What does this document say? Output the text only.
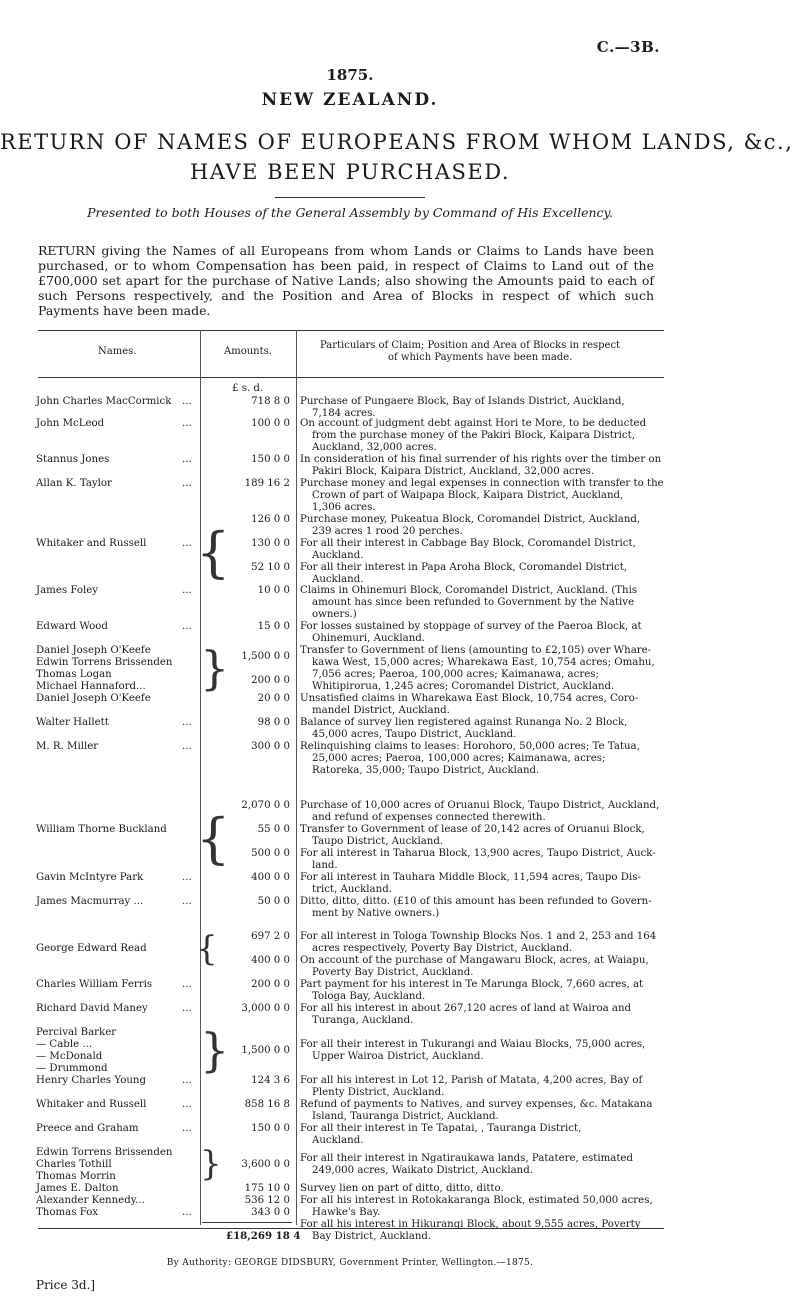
C.—3B.
1875.
NEW ZEALAND.
RETURN OF NAMES OF EUROPEANS FROM WHOM LANDS, &c.,
HAVE BEEN PURCHASED.
Presented to both Houses of the General Assembly by Command of His Excellency.
RETURN giving the Names of all Europeans from whom Lands or Claims to Lands have been purchased, or to whom Compensation has been paid, in respect of Claims to Land out of the £700,000 set apart for the purchase of Native Lands; also showing the Amounts paid to each of such Persons respectively, and the Position and Area of Blocks in respect of which such Payments have been made.
Names.	Amounts.
Particulars of Claim; Position and Area of Blocks in respect
of which Payments have been made.
£ s. d.
John Charles MacCormick
John McLeod
Stannus Jones
Allan K. Taylor
Whitaker and Russell
James Foley
Edward Wood
Daniel Joseph O'Keefe
Edwin Torrens Brissenden
Thomas Logan
Michael Hannaford...
Daniel Joseph O'Keefe
Walter Hallett
M. R. Miller
William Thorne Buckland
Gavin McIntyre Park
James Macmurray ...
George Edward Read
Charles William Ferris
Richard David Maney
Percival Barker
— Cable ...
— McDonald
— Drummond
Henry Charles Young
Whitaker and Russell
Preece and Graham
Edwin Torrens Brissenden
Charles Tothill
Thomas Morrin
James E. Dalton
Alexander Kennedy...
Thomas Fox
...
...
...
...
...
...
...
...
...
...
...
...
...
...
...
...
...
{
{
{
}
}
}
718 8 0
100 0 0
150 0 0
189 16 2
126 0 0
130 0 0
52 10 0
10 0 0
15 0 0
1,500 0 0
200 0 0
20 0 0
98 0 0
300 0 0
2,070 0 0
55 0 0
500 0 0
400 0 0
50 0 0
697 2 0
400 0 0
200 0 0
3,000 0 0
1,500 0 0
124 3 6
858 16 8
150 0 0
3,600 0 0
175 10 0
536 12 0
343 0 0
£18,269 18 4
Purchase of Pungaere Block, Bay of Islands District, Auckland,
7,184 acres.
On account of judgment debt against Hori te More, to be deducted
from the purchase money of the Pakiri Block, Kaipara District,
Auckland, 32,000 acres.
In consideration of his final surrender of his rights over the timber on
Pakiri Block, Kaipara District, Auckland, 32,000 acres.
Purchase money and legal expenses in connection with transfer to the
Crown of part of Waipapa Block, Kaipara District, Auckland,
1,306 acres.
Purchase money, Pukeatua Block, Coromandel District, Auckland,
239 acres 1 rood 20 perches.
For all their interest in Cabbage Bay Block, Coromandel District,
Auckland.
For all their interest in Papa Aroha Block, Coromandel District,
Auckland.
Claims in Ohinemuri Block, Coromandel District, Auckland. (This
amount has since been refunded to Government by the Native
owners.)
For losses sustained by stoppage of survey of the Paeroa Block, at
Ohinemuri, Auckland.
Transfer to Government of liens (amounting to £2,105) over Whare-
kawa West, 15,000 acres; Wharekawa East, 10,754 acres; Omahu,
7,056 acres; Paeroa, 100,000 acres; Kaimanawa, acres;
Whitipirorua, 1,245 acres; Coromandel District, Auckland.
Unsatisfied claims in Wharekawa East Block, 10,754 acres, Coro-
mandel District, Auckland.
Balance of survey lien registered against Runanga No. 2 Block,
45,000 acres, Taupo District, Auckland.
Relinquishing claims to leases: Horohoro, 50,000 acres; Te Tatua,
25,000 acres; Paeroa, 100,000 acres; Kaimanawa, acres;
Ratoreka, 35,000; Taupo District, Auckland.
Purchase of 10,000 acres of Oruanui Block, Taupo District, Auckland,
and refund of expenses connected therewith.
Transfer to Government of lease of 20,142 acres of Oruanui Block,
Taupo District, Auckland.
For all interest in Taharua Block, 13,900 acres, Taupo District, Auck-
land.
For all interest in Tauhara Middle Block, 11,594 acres, Taupo Dis-
trict, Auckland.
Ditto, ditto, ditto. (£10 of this amount has been refunded to Govern-
ment by Native owners.)
For all interest in Tologa Township Blocks Nos. 1 and 2, 253 and 164
acres respectively, Poverty Bay District, Auckland.
On account of the purchase of Mangawaru Block, acres, at Waiapu,
Poverty Bay District, Auckland.
Part payment for his interest in Te Marunga Block, 7,660 acres, at
Tologa Bay, Auckland.
For all his interest in about 267,120 acres of land at Wairoa and
Turanga, Auckland.
For all their interest in Tukurangi and Waiau Blocks, 75,000 acres,
Upper Wairoa District, Auckland.
For all his interest in Lot 12, Parish of Matata, 4,200 acres, Bay of
Plenty District, Auckland.
Refund of payments to Natives, and survey expenses, &c. Matakana
Island, Tauranga District, Auckland.
For all their interest in Te Tapatai, , Tauranga District,
Auckland.
For all their interest in Ngatiraukawa lands, Patatere, estimated
249,000 acres, Waikato District, Auckland.
Survey lien on part of ditto, ditto, ditto.
For all his interest in Rotokakaranga Block, estimated 50,000 acres,
Hawke's Bay.
For all his interest in Hikurangi Block, about 9,555 acres, Poverty
Bay District, Auckland.
By Authority: GEORGE DIDSBURY, Government Printer, Wellington.—1875.
Price 3d.]
